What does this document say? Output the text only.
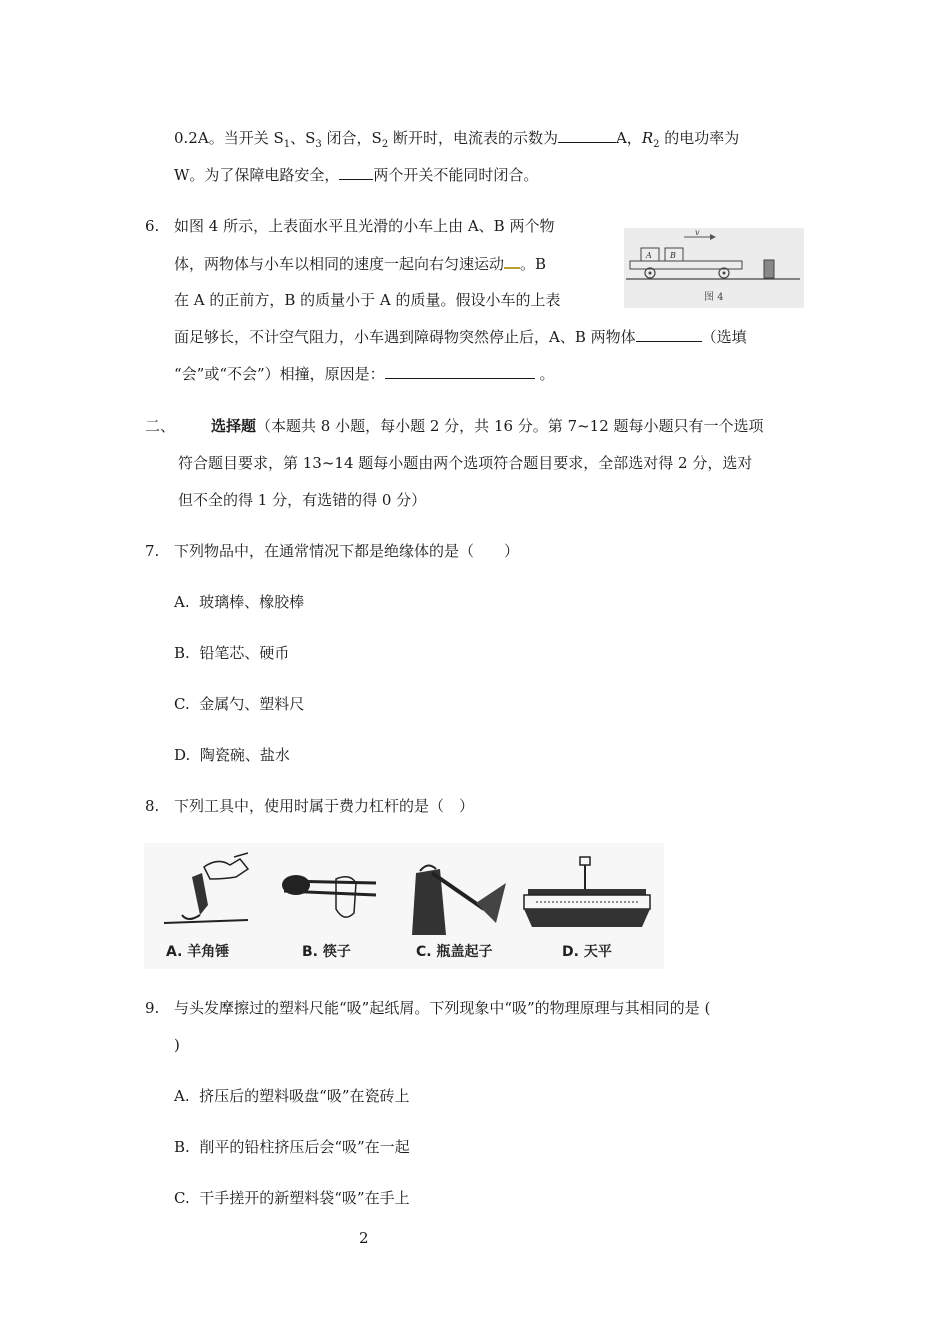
0.2A。当开关 $S_1$、$S_3$ 闭合，$S_2$ 断开时，电流表的示数为	A，$R_2$ 的电功率为
W。为了保障电路安全， 两个开关不能同时闭合。
6. 如图 4 所示，上表面水平且光滑的小车上由 A、B 两个物
体，两物体与小车以相同的速度一起向右匀速运动 。B
在 A 的正前方，B 的质量小于 A 的质量。假设小车的上表
面足够长，不计空气阻力，小车遇到障碍物突然停止后，A、B 两物体	（选填
“会”或“不会”）相撞，原因是：	。
v
A B
图 4
二、 选择题（本题共 8 小题，每小题 2 分，共 16 分。第 7~12 题每小题只有一个选项
符合题目要求，第 13~14 题每小题由两个选项符合题目要求，全部选对得 2 分，选对
但不全的得 1 分，有选错的得 0 分）
7. 下列物品中，在通常情况下都是绝缘体的是（　　）
A. 玻璃棒、橡胶棒
B. 铅笔芯、硬币
C. 金属勺、塑料尺
D. 陶瓷碗、盐水
8. 下列工具中，使用时属于费力杠杆的是（　）
A. 羊角锤	B. 筷子	C. 瓶盖起子	D. 天平
9. 与头发摩擦过的塑料尺能“吸”起纸屑。下列现象中“吸”的物理原理与其相同的是 (
)
A. 挤压后的塑料吸盘“吸”在瓷砖上
B. 削平的铅柱挤压后会“吸”在一起
C. 干手搓开的新塑料袋“吸”在手上
2
